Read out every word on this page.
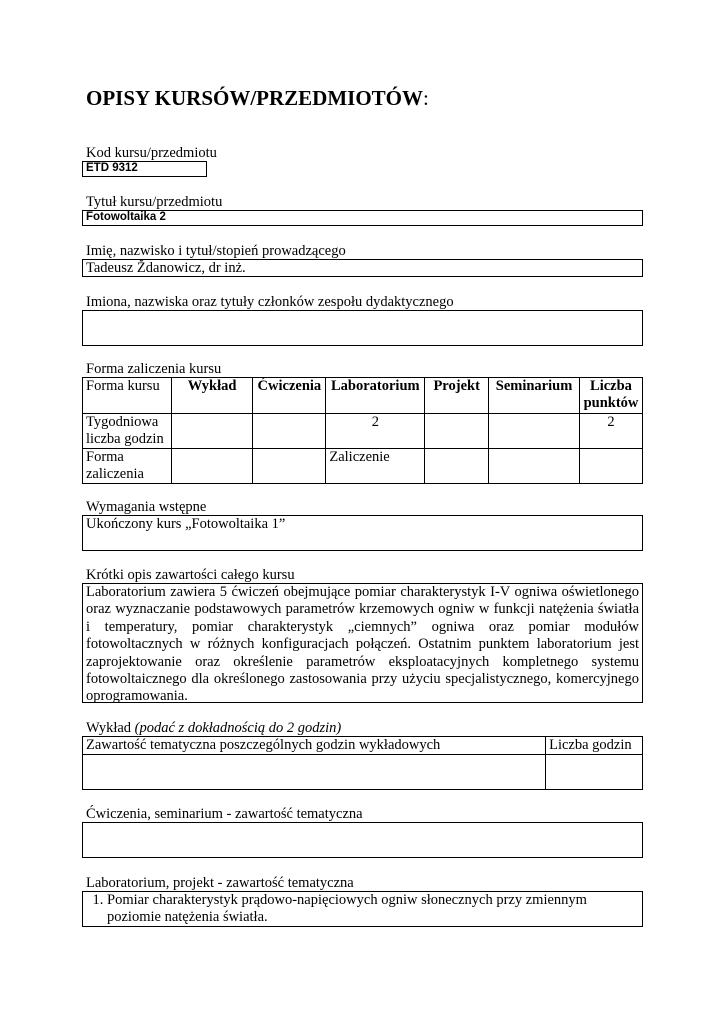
OPISY KURSÓW/PRZEDMIOTÓW:
Kod kursu/przedmiotu
ETD 9312
Tytuł kursu/przedmiotu
Fotowoltaika 2
Imię, nazwisko i tytuł/stopień prowadzącego
Tadeusz Ždanowicz, dr inż.
Imiona, nazwiska oraz tytuły członków zespołu dydaktycznego
Forma zaliczenia kursu
Forma kursu	Wykład	Ćwiczenia	Laboratorium	Projekt	Seminarium	Liczba punktów
Tygodniowa liczba godzin			2			2
Forma zaliczenia			Zaliczenie			
Wymagania wstępne
Ukończony kurs „Fotowoltaika 1”
Krótki opis zawartości całego kursu
Laboratorium zawiera 5 ćwiczeń obejmujące pomiar charakterystyk I-V ogniwa oświetlonego
oraz wyznaczanie podstawowych parametrów krzemowych ogniw w funkcji natężenia światła
i temperatury, pomiar charakterystyk „ciemnych” ogniwa oraz pomiar modułów
fotowoltacznych w różnych konfiguracjach połączeń. Ostatnim punktem laboratorium jest
zaprojektowanie oraz określenie parametrów eksploatacyjnych kompletnego systemu
fotowoltaicznego dla określonego zastosowania przy użyciu specjalistycznego, komercyjnego
oprogramowania.
Wykład (podać z dokładnością do 2 godzin)
Zawartość tematyczna poszczególnych godzin wykładowych	Liczba godzin

Ćwiczenia, seminarium - zawartość tematyczna
Laboratorium, projekt - zawartość tematyczna
1. Pomiar charakterystyk prądowo-napięciowych ogniw słonecznych przy zmiennym poziomie natężenia światła.
